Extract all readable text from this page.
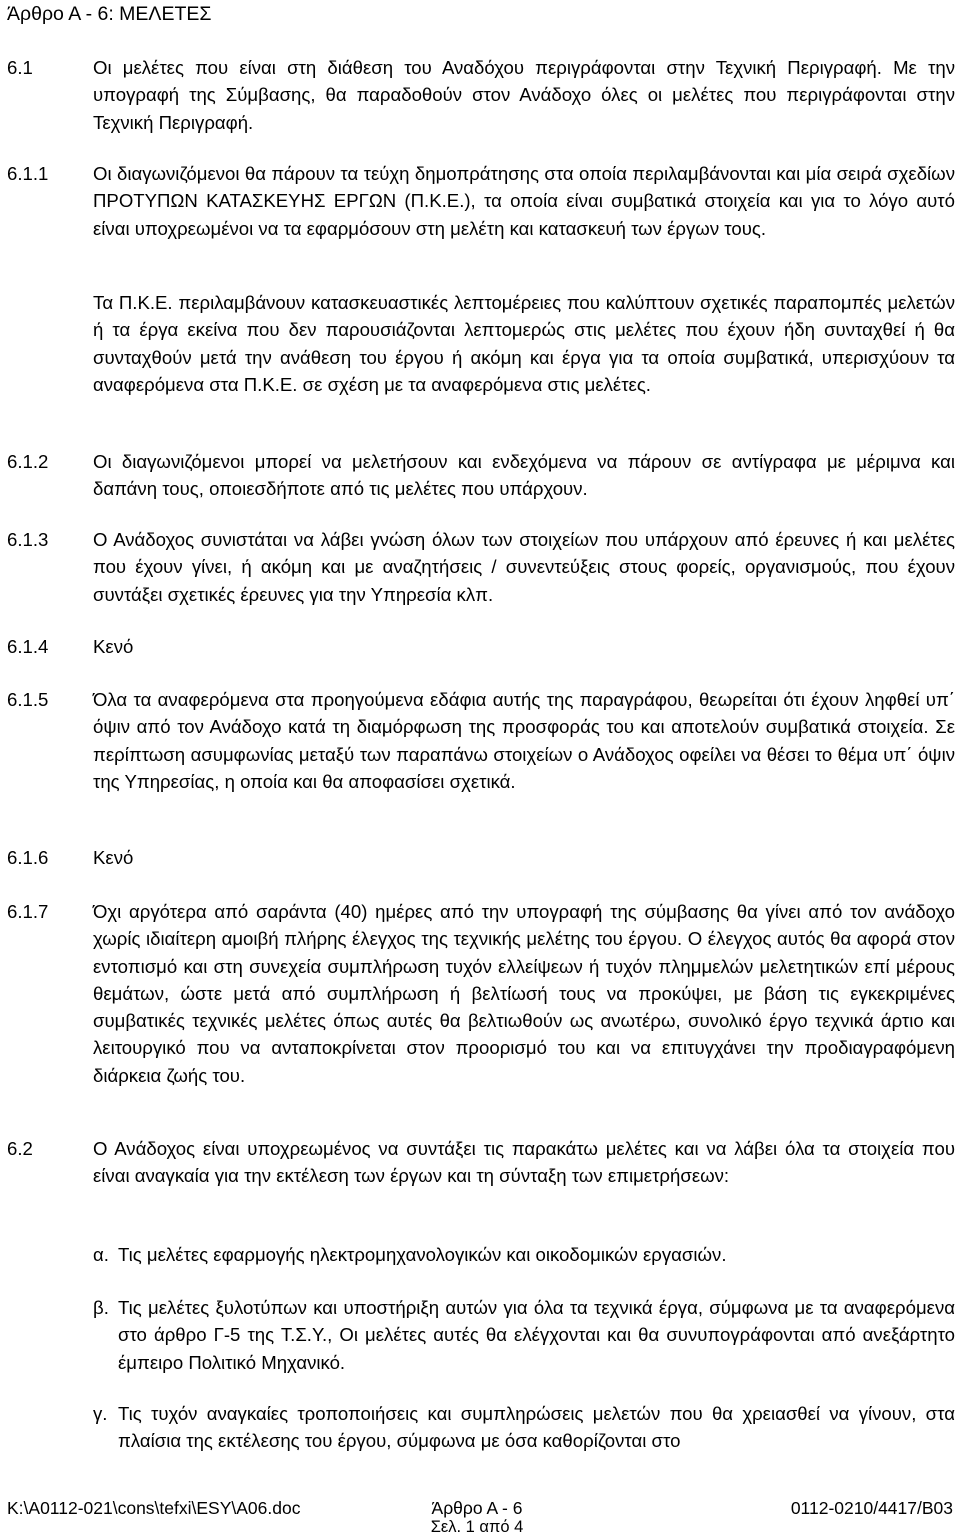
Άρθρο Α - 6: ΜΕΛΕΤΕΣ
6.1	Οι μελέτες που είναι στη διάθεση του Αναδόχου περιγράφονται στην Τεχνική Περιγραφή. Με την υπογραφή της Σύμβασης, θα παραδοθούν στον Ανάδοχο όλες οι μελέτες που περιγράφονται στην Τεχνική Περιγραφή.
6.1.1 Οι διαγωνιζόμενοι θα πάρουν τα τεύχη δημοπράτησης στα οποία περιλαμβάνονται και μία σειρά σχεδίων ΠΡΟΤΥΠΩΝ ΚΑΤΑΣΚΕΥΗΣ ΕΡΓΩΝ (Π.Κ.Ε.), τα οποία είναι συμβατικά στοιχεία και για το λόγο αυτό είναι υποχρεωμένοι να τα εφαρμόσουν στη μελέτη και κατασκευή των έργων τους.
Τα Π.Κ.Ε. περιλαμβάνουν κατασκευαστικές λεπτομέρειες που καλύπτουν σχετικές παραπομπές μελετών ή τα έργα εκείνα που δεν παρουσιάζονται λεπτομερώς στις μελέτες που έχουν ήδη συνταχθεί ή θα συνταχθούν μετά την ανάθεση του έργου ή ακόμη και έργα για τα οποία συμβατικά, υπερισχύουν τα αναφερόμενα στα Π.Κ.Ε. σε σχέση με τα αναφερόμενα στις μελέτες.
6.1.2 Οι διαγωνιζόμενοι μπορεί να μελετήσουν και ενδεχόμενα να πάρουν σε αντίγραφα με μέριμνα και δαπάνη τους, οποιεσδήποτε από τις μελέτες που υπάρχουν.
6.1.3 Ο Ανάδοχος συνιστάται να λάβει γνώση όλων των στοιχείων που υπάρχουν από έρευνες ή και μελέτες που έχουν γίνει, ή ακόμη και με αναζητήσεις / συνεντεύξεις στους φορείς, οργανισμούς, που έχουν συντάξει σχετικές έρευνες για την Υπηρεσία κλπ.
6.1.4 Κενό
6.1.5 Όλα τα αναφερόμενα στα προηγούμενα εδάφια αυτής της παραγράφου, θεωρείται ότι έχουν ληφθεί υπ΄ όψιν από τον Ανάδοχο κατά τη διαμόρφωση της προσφοράς του και αποτελούν συμβατικά στοιχεία. Σε περίπτωση ασυμφωνίας μεταξύ των παραπάνω στοιχείων ο Ανάδοχος οφείλει να θέσει το θέμα υπ΄ όψιν της Υπηρεσίας, η οποία και θα αποφασίσει σχετικά.
6.1.6 Κενό
6.1.7 Όχι αργότερα από σαράντα (40) ημέρες από την υπογραφή της σύμβασης θα γίνει από τον ανάδοχο χωρίς ιδιαίτερη αμοιβή πλήρης έλεγχος της τεχνικής μελέτης του έργου. Ο έλεγχος αυτός θα αφορά στον εντοπισμό και στη συνεχεία συμπλήρωση τυχόν ελλείψεων ή τυχόν πλημμελών μελετητικών επί μέρους θεμάτων, ώστε μετά από συμπλήρωση ή βελτίωσή τους να προκύψει, με βάση τις εγκεκριμένες συμβατικές τεχνικές μελέτες όπως αυτές θα βελτιωθούν ως ανωτέρω, συνολικό έργο τεχνικά άρτιο και λειτουργικό που να ανταποκρίνεται στον προορισμό του και να επιτυγχάνει την προδιαγραφόμενη διάρκεια ζωής του.
6.2	Ο Ανάδοχος είναι υποχρεωμένος να συντάξει τις παρακάτω μελέτες και να λάβει όλα τα στοιχεία που είναι αναγκαία για την εκτέλεση των έργων και τη σύνταξη των επιμετρήσεων:
α. Τις μελέτες εφαρμογής ηλεκτρομηχανολογικών και οικοδομικών εργασιών.
β. Τις μελέτες ξυλοτύπων και υποστήριξη αυτών για όλα τα τεχνικά έργα, σύμφωνα με τα αναφερόμενα στο άρθρο Γ-5 της Τ.Σ.Υ., Οι μελέτες αυτές θα ελέγχονται και θα συνυπογράφονται από ανεξάρτητο έμπειρο Πολιτικό Μηχανικό.
γ. Τις τυχόν αναγκαίες τροποποιήσεις και συμπληρώσεις μελετών που θα χρειασθεί να γίνουν, στα πλαίσια της εκτέλεσης του έργου, σύμφωνα με όσα καθορίζονται στο
K:\A0112-021\cons\tefxi\ESY\A06.doc	Άρθρο Α - 6	0112-0210/4417/B03
Σελ. 1 από 4
